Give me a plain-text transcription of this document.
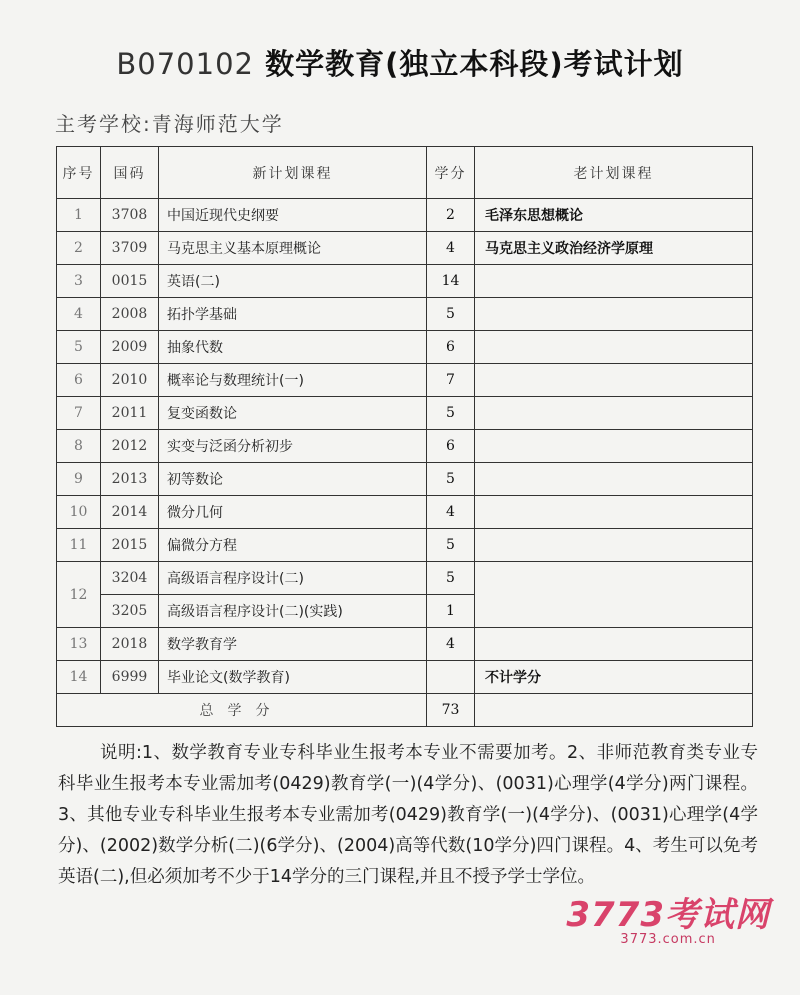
B070102 数学教育(独立本科段)考试计划
主考学校:青海师范大学
序号	国码	新计划课程	学分	老计划课程
1	3708	中国近现代史纲要	2	毛泽东思想概论
2	3709	马克思主义基本原理概论	4	马克思主义政治经济学原理
3	0015	英语(二)	14	
4	2008	拓扑学基础	5	
5	2009	抽象代数	6	
6	2010	概率论与数理统计(一)	7	
7	2011	复变函数论	5	
8	2012	实变与泛函分析初步	6	
9	2013	初等数论	5	
10	2014	微分几何	4	
11	2015	偏微分方程	5	
12	3204	高级语言程序设计(二)	5	
	3205	高级语言程序设计(二)(实践)	1	
13	2018	数学教育学	4	
14	6999	毕业论文(数学教育)		不计学分
总学分			73	
说明:1、数学教育专业专科毕业生报考本专业不需要加考。2、非师范教育类专业专科毕业生报考本专业需加考(0429)教育学(一)(4学分)、(0031)心理学(4学分)两门课程。3、其他专业专科毕业生报考本专业需加考(0429)教育学(一)(4学分)、(0031)心理学(4学分)、(2002)数学分析(二)(6学分)、(2004)高等代数(10学分)四门课程。4、考生可以免考英语(二),但必须加考不少于14学分的三门课程,并且不授予学士学位。
3773考试网
3773.com.cn
